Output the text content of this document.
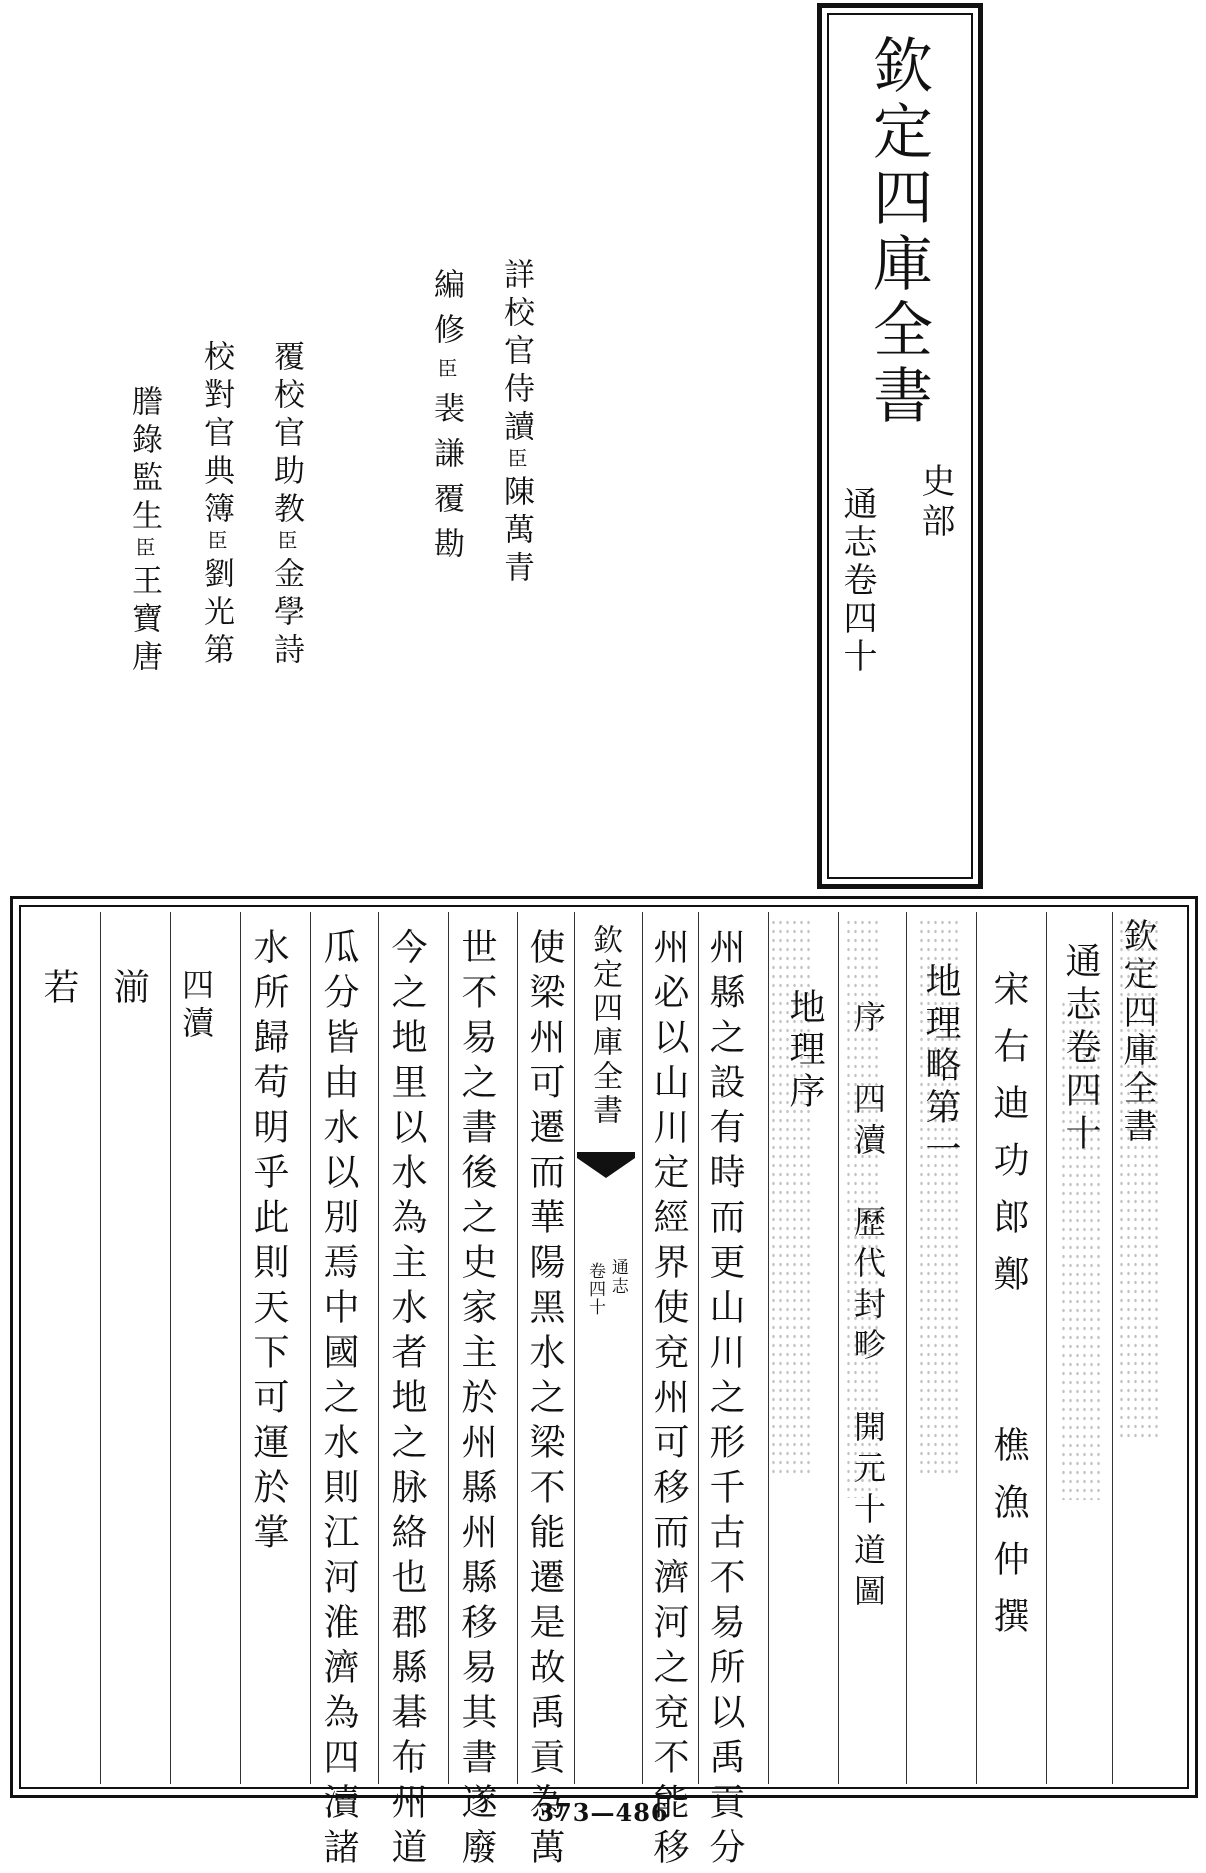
欽定四庫全書
史部
通志卷四十
詳校官侍讀臣陳萬青
編修臣裴謙覆勘
覆校官助教臣金學詩
校對官典簿臣劉光第
謄錄監生臣王寶唐
欽定四庫全書
通志卷四十
宋右迪功郎鄭　　樵漁仲撰
地理略第一
序　四瀆　歷代封畛　開元十道圖
地理序
州縣之設有時而更山川之形千古不易所以禹貢分
欽定四庫全書
通志
卷四十 州必以山川定經界使兗州可移而濟河之兗不能移
使梁州可遷而華陽黑水之梁不能遷是故禹貢為萬
世不易之書後之史家主於州縣州縣移易其書遂廢
今之地里以水為主水者地之脉絡也郡縣碁布州道
瓜分皆由水以別焉中國之水則江河淮濟為四瀆諸
水所歸苟明乎此則天下可運於掌
四瀆
湔
若
373—486
